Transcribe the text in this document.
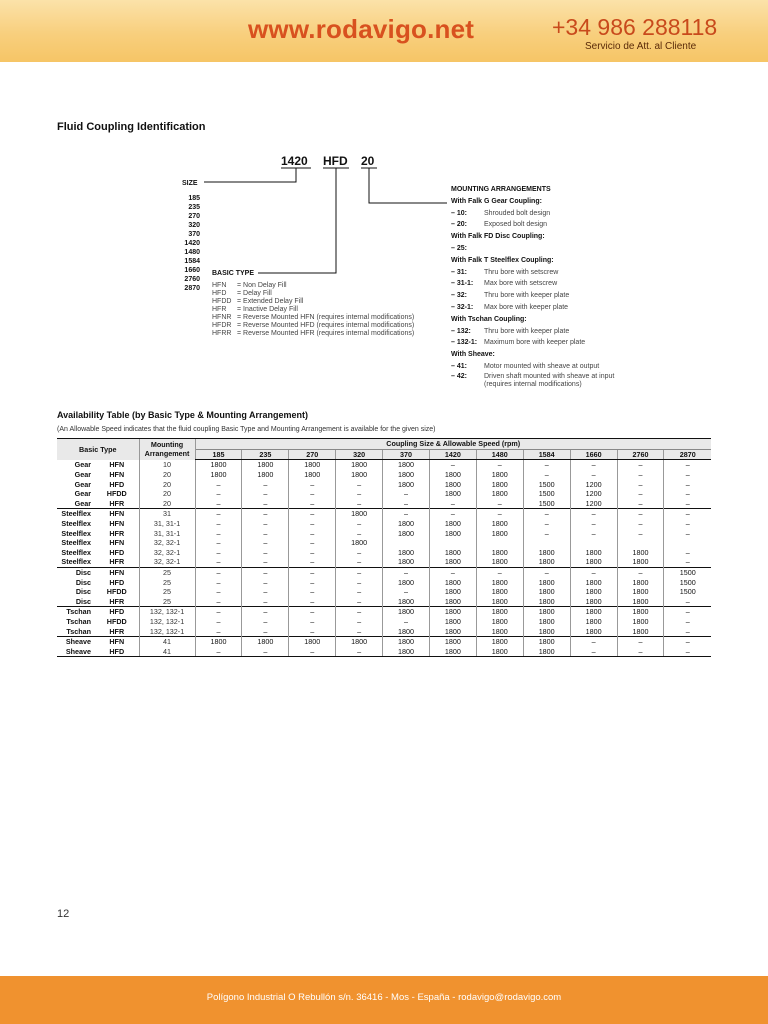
www.rodavigo.net	+34 986 288118
Servicio de Att. al Cliente
Fluid Coupling Identification
1420 HFD 20
SIZE
185
235
270
320
370
1420
1480
1584
1660
2760
2870
BASIC TYPE
HFN = Non Delay Fill
HFD = Delay Fill
HFDD = Extended Delay Fill
HFR = Inactive Delay Fill
HFNR = Reverse Mounted HFN (requires internal modifications)
HFDR = Reverse Mounted HFD (requires internal modifications)
HFRR = Reverse Mounted HFR (requires internal modifications)
MOUNTING ARRANGEMENTS
With Falk G Gear Coupling:
– 10: Shrouded bolt design
– 20: Exposed bolt design
With Falk FD Disc Coupling:
– 25:
With Falk T Steelflex Coupling:
– 31: Thru bore with setscrew
– 31-1: Max bore with setscrew
– 32: Thru bore with keeper plate
– 32-1: Max bore with keeper plate
With Tschan Coupling:
– 132: Thru bore with keeper plate
– 132-1: Maximum bore with keeper plate
With Sheave:
– 41: Motor mounted with sheave at output
– 42: Driven shaft mounted with sheave at input
(requires internal modifications)
Availability Table (by Basic Type & Mounting Arrangement)
(An Allowable Speed indicates that the fluid coupling Basic Type and Mounting Arrangement is available for the given size)
Basic Type		Mounting
Arrangement	Coupling Size & Allowable Speed (rpm)										
			185	235	270	320	370	1420	1480	1584	1660	2760	2870
Gear	HFN	10	1800	1800	1800	1800	1800	–	–	–	–	–	–
Gear	HFN	20	1800	1800	1800	1800	1800	1800	1800	–	–	–	–
Gear	HFD	20	–	–	–	–	1800	1800	1800	1500	1200	–	–
Gear	HFDD	20	–	–	–	–	–	1800	1800	1500	1200	–	–
Gear	HFR	20	–	–	–	–	–	–	–	1500	1200	–	–
Steelflex	HFN	31	–	–	–	1800	–	–	–	–	–	–	–
Steelflex	HFN	31, 31-1	–	–	–	–	1800	1800	1800	–	–	–	–
Steelflex	HFR	31, 31-1	–	–	–	–	1800	1800	1800	–	–	–	–
Steelflex	HFN	32, 32-1	–	–	–	1800							
Steelflex	HFD	32, 32-1	–	–	–	–	1800	1800	1800	1800	1800	1800	–
Steelflex	HFR	32, 32-1	–	–	–	–	1800	1800	1800	1800	1800	1800	–
Disc	HFN	25	–	–	–	–	–	–	–	–	–	–	1500
Disc	HFD	25	–	–	–	–	1800	1800	1800	1800	1800	1800	1500
Disc	HFDD	25	–	–	–	–	–	1800	1800	1800	1800	1800	1500
Disc	HFR	25	–	–	–	–	1800	1800	1800	1800	1800	1800	–
Tschan	HFD	132, 132-1	–	–	–	–	1800	1800	1800	1800	1800	1800	–
Tschan	HFDD	132, 132-1	–	–	–	–	–	1800	1800	1800	1800	1800	–
Tschan	HFR	132, 132-1	–	–	–	–	1800	1800	1800	1800	1800	1800	–
Sheave	HFN	41	1800	1800	1800	1800	1800	1800	1800	1800	–	–	–
Sheave	HFD	41	–	–	–	–	1800	1800	1800	1800	–	–	–
12
Polígono Industrial O Rebullón s/n. 36416 - Mos - España - rodavigo@rodavigo.com
